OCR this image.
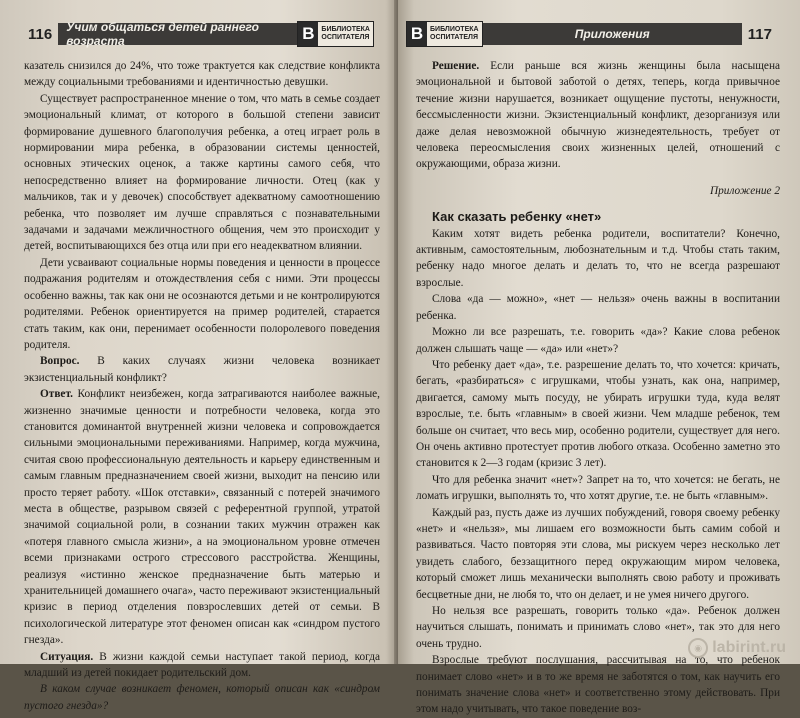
116	Учим общаться детей раннего возраста	B БИБЛИОТЕКА
ОСПИТАТЕЛЯ

казатель снизился до 24%, что тоже трактуется как следствие конфликта между социальными требованиями и идентичностью девушки.

Существует распространенное мнение о том, что мать в семье создает эмоциональный климат, от которого в большой степени зависит формирование душевного благополучия ребенка, а отец играет роль в нормировании мира ребенка, в образовании системы ценностей, основных этических оценок, а также картины самого себя, что непосредственно влияет на формирование личности. Отец (как у мальчиков, так и у девочек) способствует адекватному самоотношению ребенка, что позволяет им лучше справляться с познавательными задачами и задачами межличностного общения, чем это происходит у детей, воспитывающихся без отца или при его неадекватном влиянии.

Дети усваивают социальные нормы поведения и ценности в процессе подражания родителям и отождествления себя с ними. Эти процессы особенно важны, так как они не осознаются детьми и не контролируются родителями. Ребенок ориентируется на пример родителей, старается стать таким, как они, перенимает особенности полоролевого поведения родителя.

Вопрос. В каких случаях жизни человека возникает экзистенциальный конфликт?

Ответ. Конфликт неизбежен, когда затрагиваются наиболее важные, жизненно значимые ценности и потребности человека, когда это становится доминантой внутренней жизни человека и сопровождается сильными эмоциональными переживаниями. Например, когда мужчина, считая свою профессиональную деятельность и карьеру единственным и самым главным предназначением своей жизни, выходит на пенсию или просто теряет работу. «Шок отставки», связанный с потерей значимого места в обществе, разрывом связей с референтной группой, утратой значимой социальной роли, в сознании таких мужчин отражен как «потеря главного смысла жизни», а на эмоциональном уровне отмечен всеми признаками острого стрессового расстройства. Женщины, реализуя «истинно женское предназначение быть матерью и хранительницей домашнего очага», часто переживают экзистенциальный кризис в период отделения повзрослевших детей от семьи. В психологической литературе этот феномен описан как «синдром пустого гнезда».

Ситуация. В жизни каждой семьи наступает такой период, когда младший из детей покидает родительский дом.

В каком случае возникает феномен, который описан как «синдром пустого гнезда»?

B БИБЛИОТЕКА
ОСПИТАТЕЛЯ	Приложения	117

Решение. Если раньше вся жизнь женщины была насыщена эмоциональной и бытовой заботой о детях, теперь, когда привычное течение жизни нарушается, возникает ощущение пустоты, ненужности, бессмысленности жизни. Экзистенциальный конфликт, дезорганизуя или даже делая невозможной обычную жизнедеятельность, требует от человека переосмысления своих жизненных целей, отношений с окружающими, образа жизни.

Приложение 2

Как сказать ребенку «нет»

Каким хотят видеть ребенка родители, воспитатели? Конечно, активным, самостоятельным, любознательным и т.д. Чтобы стать таким, ребенку надо многое делать и делать то, что не всегда разрешают взрослые.

Слова «да — можно», «нет — нельзя» очень важны в воспитании ребенка.

Можно ли все разрешать, т.е. говорить «да»? Какие слова ребенок должен слышать чаще — «да» или «нет»?

Что ребенку дает «да», т.е. разрешение делать то, что хочется: кричать, бегать, «разбираться» с игрушками, чтобы узнать, как она, например, двигается, самому мыть посуду, не убирать игрушки туда, куда велят взрослые, т.е. быть «главным» в своей жизни. Чем младше ребенок, тем больше он считает, что весь мир, особенно родители, существует для него. Он очень активно протестует против любого отказа. Особенно заметно это становится к 2—3 годам (кризис 3 лет).

Что для ребенка значит «нет»? Запрет на то, что хочется: не бегать, не ломать игрушки, выполнять то, что хотят другие, т.е. не быть «главным».

Каждый раз, пусть даже из лучших побуждений, говоря своему ребенку «нет» и «нельзя», мы лишаем его возможности быть самим собой и развиваться. Часто повторяя эти слова, мы рискуем через несколько лет увидеть слабого, беззащитного перед окружающим миром человека, который сможет лишь механически выполнять свою работу и проживать бесцветные дни, не любя то, что он делает, и не умея ничего другого.

Но нельзя все разрешать, говорить только «да». Ребенок должен научиться слышать, понимать и принимать слово «нет», так это для него очень трудно.

Взрослые требуют послушания, рассчитывая на то, что ребенок понимает слово «нет» и в то же время не заботятся о том, как научить его понимать значение слова «нет» и соответственно этому действовать. При этом надо учитывать, что такое поведение воз-

◉ labirint.ru
